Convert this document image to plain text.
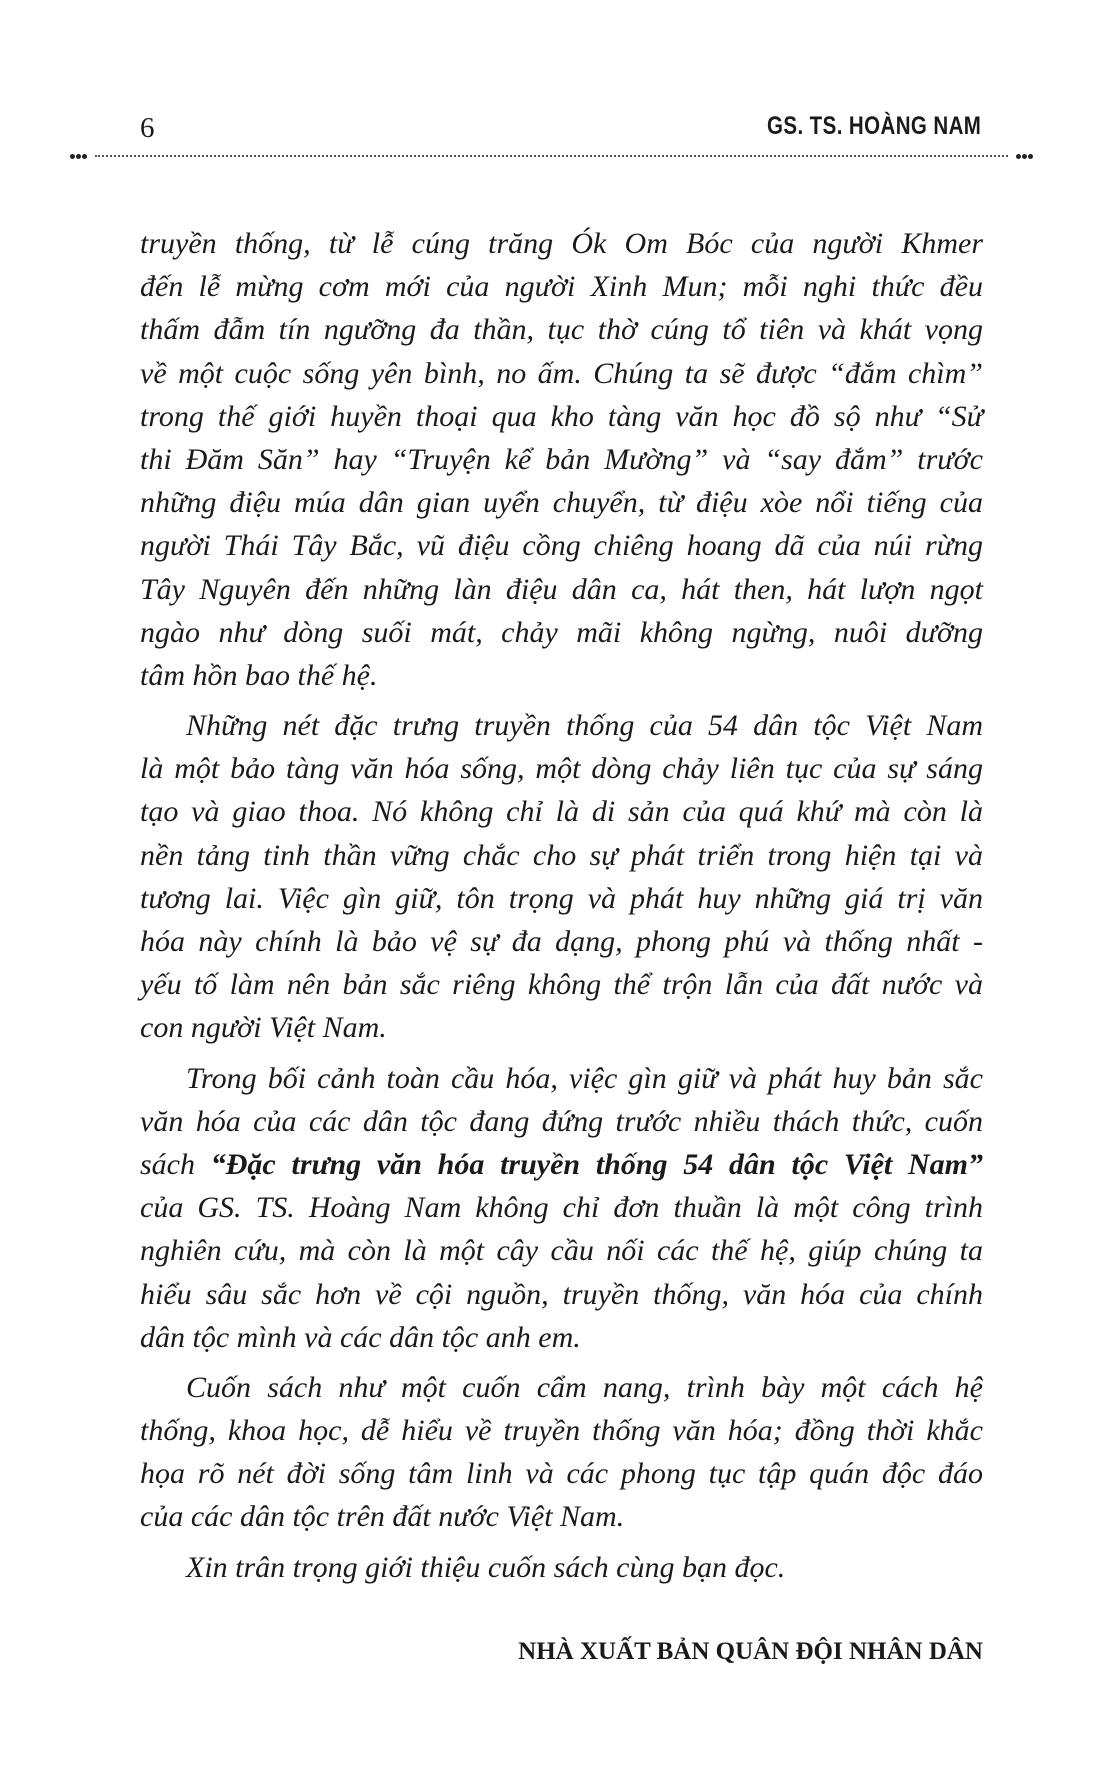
6	GS. TS. HOÀNG NAM
truyền thống, từ lễ cúng trăng Ók Om Bóc của người Khmer
đến lễ mừng cơm mới của người Xinh Mun; mỗi nghi thức đều
thấm đẫm tín ngưỡng đa thần, tục thờ cúng tổ tiên và khát vọng
về một cuộc sống yên bình, no ấm. Chúng ta sẽ được “đắm chìm”
trong thế giới huyền thoại qua kho tàng văn học đồ sộ như “Sử
thi Đăm Săn” hay “Truyện kể bản Mường” và “say đắm” trước
những điệu múa dân gian uyển chuyển, từ điệu xòe nổi tiếng của
người Thái Tây Bắc, vũ điệu cồng chiêng hoang dã của núi rừng
Tây Nguyên đến những làn điệu dân ca, hát then, hát lượn ngọt
ngào như dòng suối mát, chảy mãi không ngừng, nuôi dưỡng
tâm hồn bao thế hệ.
Những nét đặc trưng truyền thống của 54 dân tộc Việt Nam
là một bảo tàng văn hóa sống, một dòng chảy liên tục của sự sáng
tạo và giao thoa. Nó không chỉ là di sản của quá khứ mà còn là
nền tảng tinh thần vững chắc cho sự phát triển trong hiện tại và
tương lai. Việc gìn giữ, tôn trọng và phát huy những giá trị văn
hóa này chính là bảo vệ sự đa dạng, phong phú và thống nhất -
yếu tố làm nên bản sắc riêng không thể trộn lẫn của đất nước và
con người Việt Nam.
Trong bối cảnh toàn cầu hóa, việc gìn giữ và phát huy bản sắc
văn hóa của các dân tộc đang đứng trước nhiều thách thức, cuốn
sách “Đặc trưng văn hóa truyền thống 54 dân tộc Việt Nam”
của GS. TS. Hoàng Nam không chỉ đơn thuần là một công trình
nghiên cứu, mà còn là một cây cầu nối các thế hệ, giúp chúng ta
hiểu sâu sắc hơn về cội nguồn, truyền thống, văn hóa của chính
dân tộc mình và các dân tộc anh em.
Cuốn sách như một cuốn cẩm nang, trình bày một cách hệ
thống, khoa học, dễ hiểu về truyền thống văn hóa; đồng thời khắc
họa rõ nét đời sống tâm linh và các phong tục tập quán độc đáo
của các dân tộc trên đất nước Việt Nam.
Xin trân trọng giới thiệu cuốn sách cùng bạn đọc.
NHÀ XUẤT BẢN QUÂN ĐỘI NHÂN DÂN
